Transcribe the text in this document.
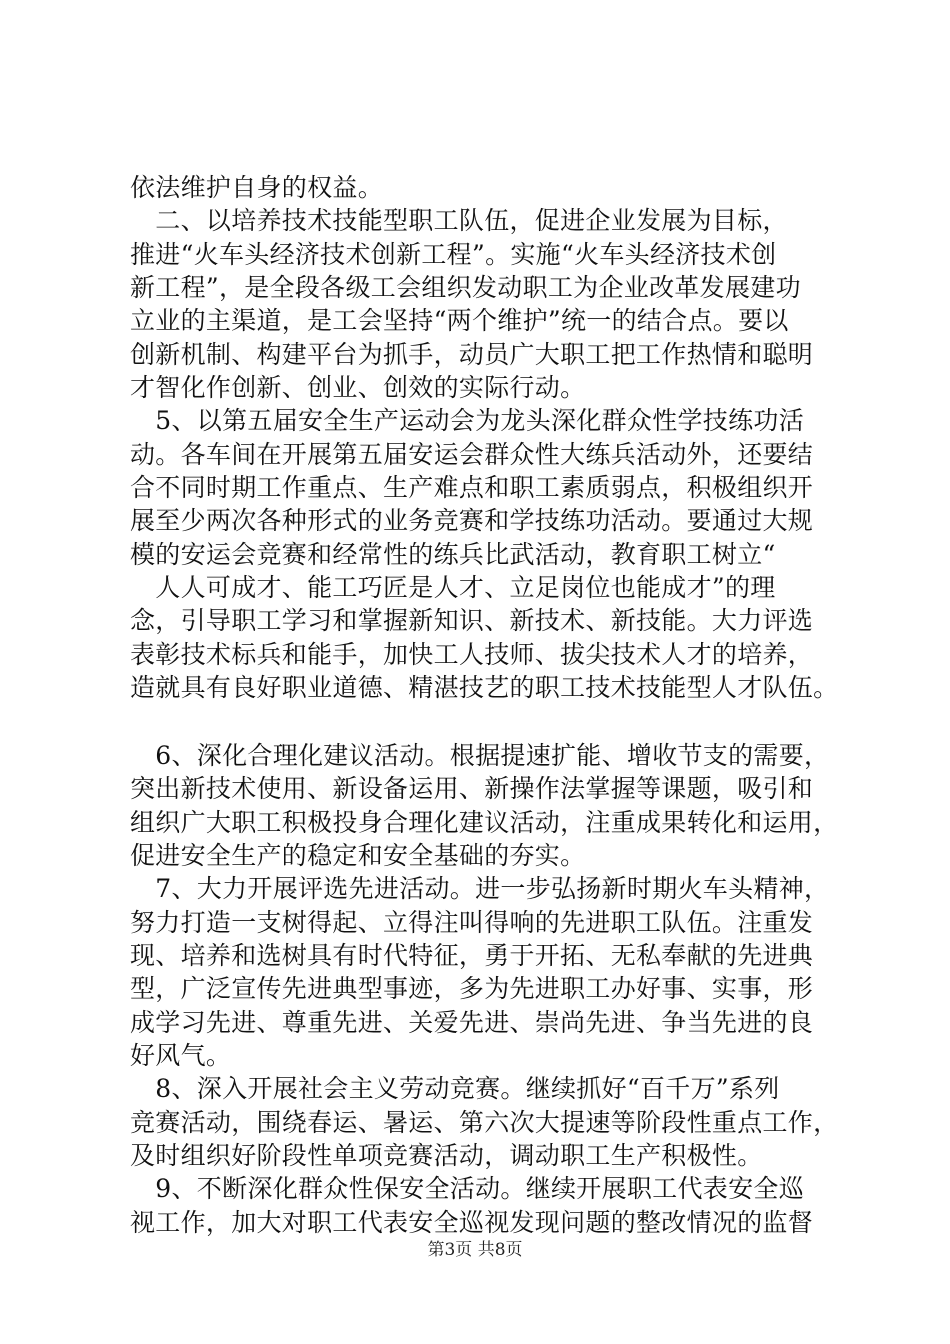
依法维护自身的权益。
　二、以培养技术技能型职工队伍，促进企业发展为目标，
推进“火车头经济技术创新工程”。实施“火车头经济技术创
新工程”，是全段各级工会组织发动职工为企业改革发展建功
立业的主渠道，是工会坚持“两个维护”统一的结合点。要以
创新机制、构建平台为抓手，动员广大职工把工作热情和聪明
才智化作创新、创业、创效的实际行动。
　5、以第五届安全生产运动会为龙头深化群众性学技练功活
动。各车间在开展第五届安运会群众性大练兵活动外，还要结
合不同时期工作重点、生产难点和职工素质弱点，积极组织开
展至少两次各种形式的业务竞赛和学技练功活动。要通过大规
模的安运会竞赛和经常性的练兵比武活动，教育职工树立“
　人人可成才、能工巧匠是人才、立足岗位也能成才”的理
念，引导职工学习和掌握新知识、新技术、新技能。大力评选
表彰技术标兵和能手，加快工人技师、拔尖技术人才的培养，
造就具有良好职业道德、精湛技艺的职工技术技能型人才队伍。
　6、深化合理化建议活动。根据提速扩能、增收节支的需要，
突出新技术使用、新设备运用、新操作法掌握等课题，吸引和
组织广大职工积极投身合理化建议活动，注重成果转化和运用，
促进安全生产的稳定和安全基础的夯实。
　7、大力开展评选先进活动。进一步弘扬新时期火车头精神，
努力打造一支树得起、立得注叫得响的先进职工队伍。注重发
现、培养和选树具有时代特征，勇于开拓、无私奉献的先进典
型，广泛宣传先进典型事迹，多为先进职工办好事、实事，形
成学习先进、尊重先进、关爱先进、崇尚先进、争当先进的良
好风气。
　8、深入开展社会主义劳动竞赛。继续抓好“百千万”系列
竞赛活动，围绕春运、暑运、第六次大提速等阶段性重点工作，
及时组织好阶段性单项竞赛活动，调动职工生产积极性。
　9、不断深化群众性保安全活动。继续开展职工代表安全巡
视工作，加大对职工代表安全巡视发现问题的整改情况的监督
第3页 共8页
